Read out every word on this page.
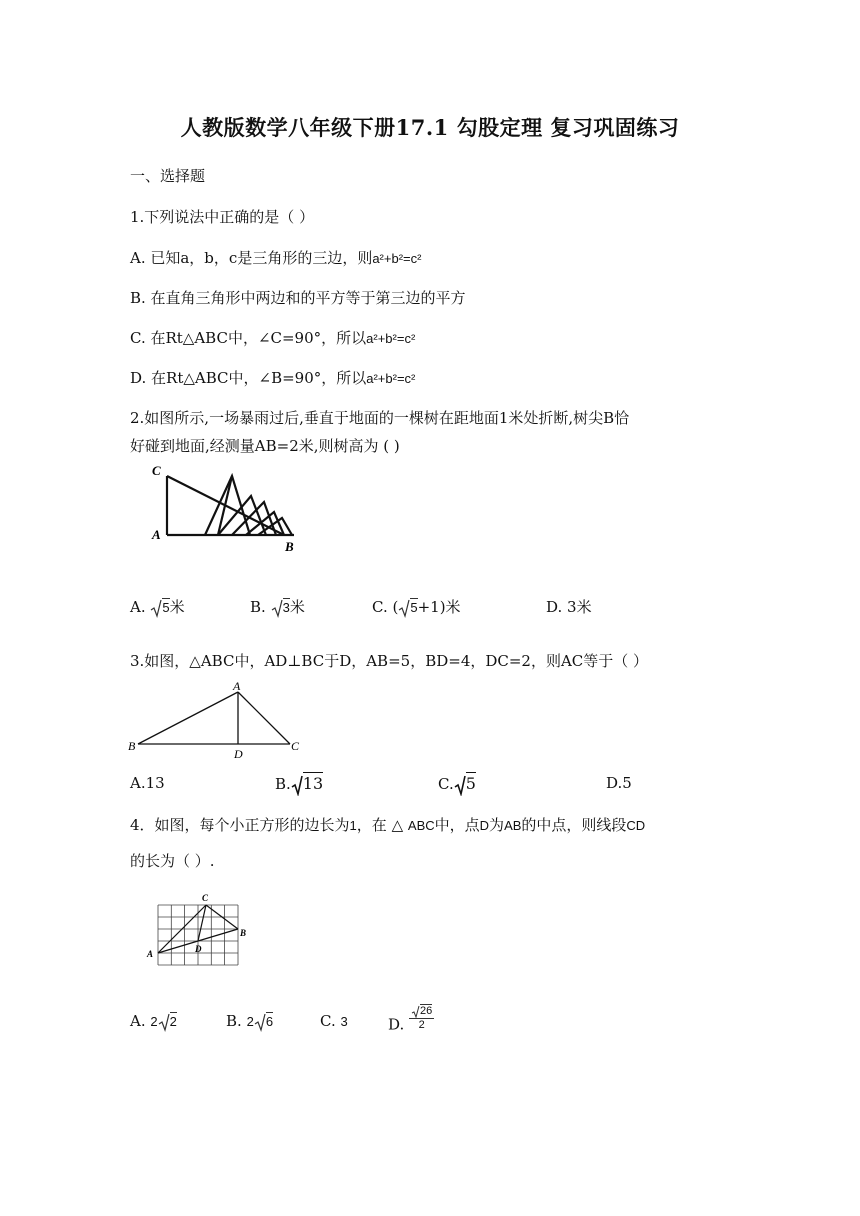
人教版数学八年级下册17.1 勾股定理 复习巩固练习
一、选择题
1.下列说法中正确的是（ ）
A. 已知a，b，c是三角形的三边，则a²+b²=c²
B. 在直角三角形中两边和的平方等于第三边的平方
C. 在Rt△ABC中，∠C=90°，所以a²+b²=c²
D. 在Rt△ABC中，∠B=90°，所以a²+b²=c²
2.如图所示,一场暴雨过后,垂直于地面的一棵树在距地面1米处折断,树尖B恰
好碰到地面,经测量AB=2米,则树高为 ( )
C
A
B
A. 5米	B. 3米	C. ( 5+1)米	D. 3米
3.如图，△ABC中，AD⊥BC于D，AB=5，BD=4，DC=2，则AC等于（ ）
A
B	C
D
A.13	B. 13	C. 5	D.5
4．如图，每个小正方形的边长为1，在 △ ABC中，点D为AB的中点，则线段CD
的长为（ ）.
C
A
B
D
A. 2 2	B. 2 6	C. 3	D. $\frac{26}{2}$
